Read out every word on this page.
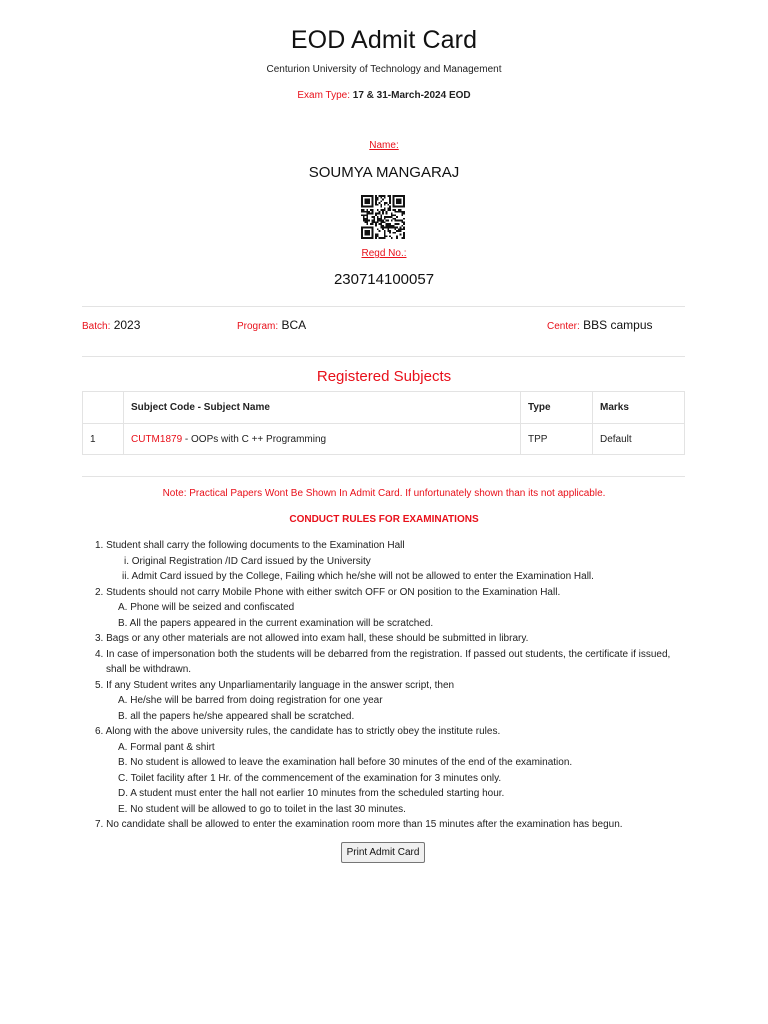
EOD Admit Card
Centurion University of Technology and Management
Exam Type: 17 & 31-March-2024 EOD
Name:
SOUMYA MANGARAJ
Regd No.:
230714100057
Batch: 2023	Program: BCA	Center: BBS campus
Registered Subjects
	Subject Code - Subject Name	Type	Marks
1	CUTM1879 - OOPs with C ++ Programming	TPP	Default
Note: Practical Papers Wont Be Shown In Admit Card. If unfortunately shown than its not applicable.
CONDUCT RULES FOR EXAMINATIONS
1. Student shall carry the following documents to the Examination Hall
i. Original Registration /ID Card issued by the University
ii. Admit Card issued by the College, Failing which he/she will not be allowed to enter the Examination Hall.
2. Students should not carry Mobile Phone with either switch OFF or ON position to the Examination Hall.
A. Phone will be seized and confiscated
B. All the papers appeared in the current examination will be scratched.
3. Bags or any other materials are not allowed into exam hall, these should be submitted in library.
4. In case of impersonation both the students will be debarred from the registration. If passed out students, the certificate if issued,
shall be withdrawn.
5. If any Student writes any Unparliamentarily language in the answer script, then
A. He/she will be barred from doing registration for one year
B. all the papers he/she appeared shall be scratched.
6. Along with the above university rules, the candidate has to strictly obey the institute rules.
A. Formal pant & shirt
B. No student is allowed to leave the examination hall before 30 minutes of the end of the examination.
C. Toilet facility after 1 Hr. of the commencement of the examination for 3 minutes only.
D. A student must enter the hall not earlier 10 minutes from the scheduled starting hour.
E. No student will be allowed to go to toilet in the last 30 minutes.
7. No candidate shall be allowed to enter the examination room more than 15 minutes after the examination has begun.
Print Admit Card
